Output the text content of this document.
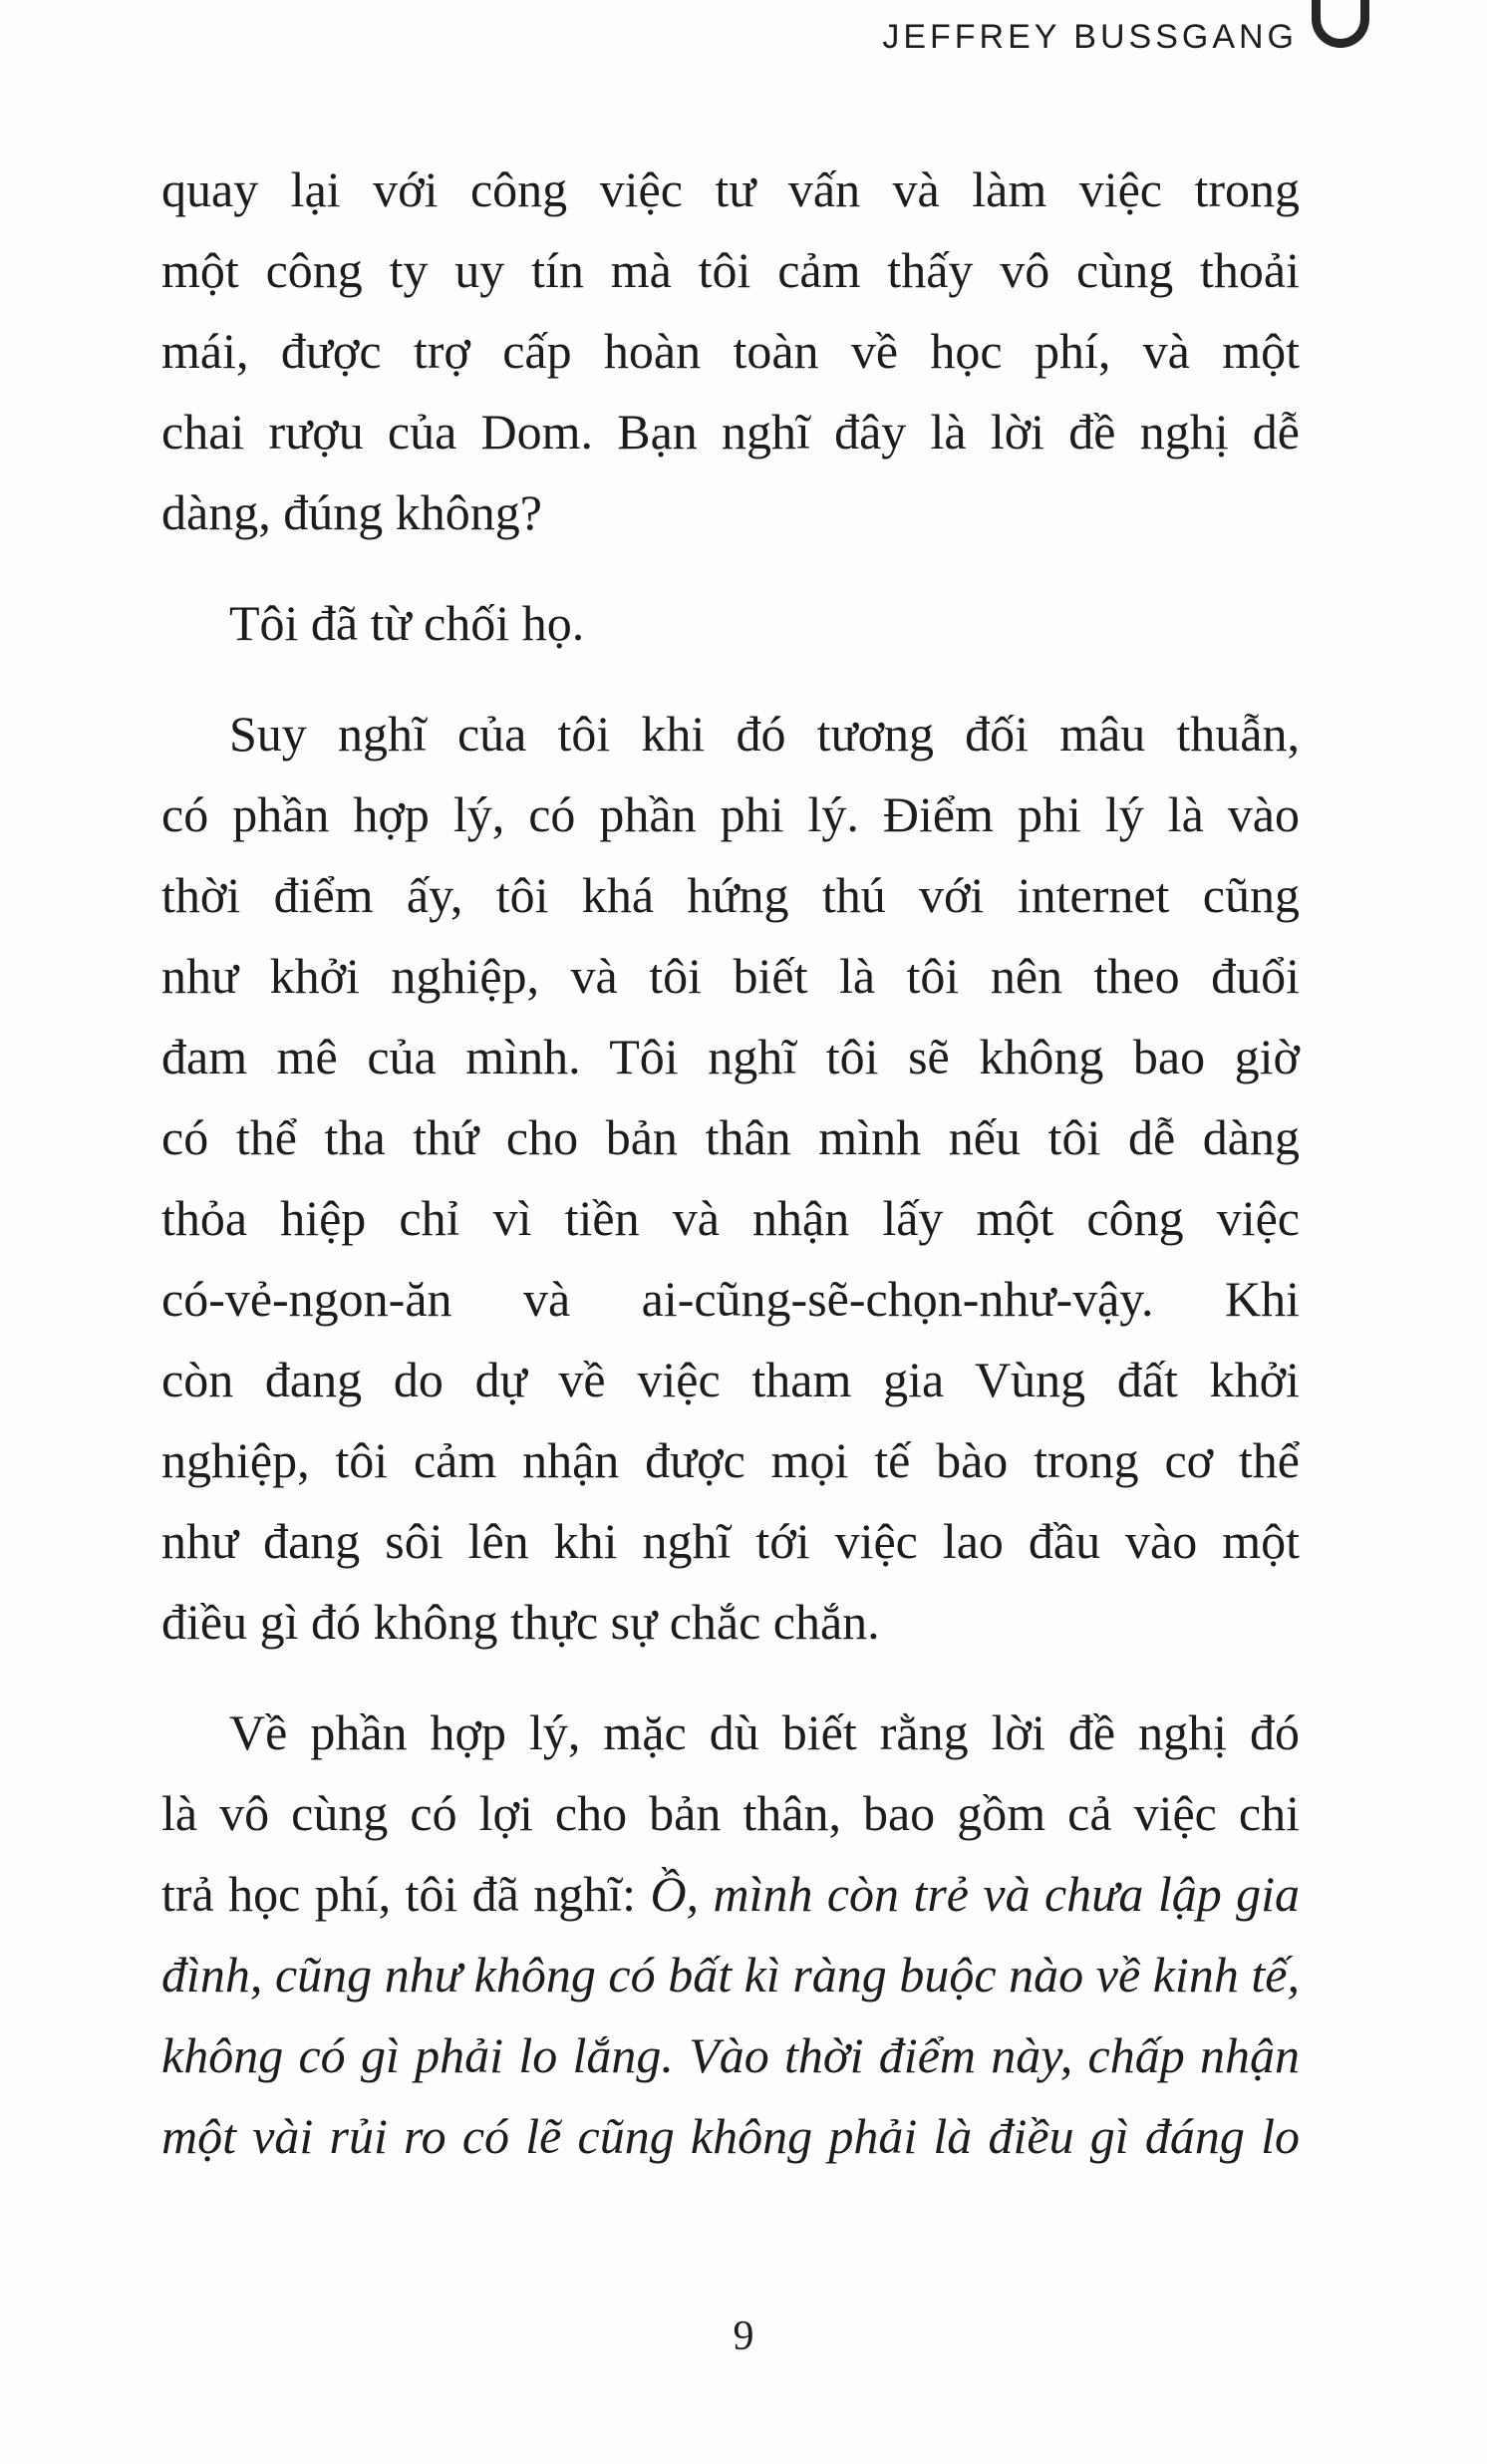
JEFFREY BUSSGANG

quay lại với công việc tư vấn và làm việc trong
một công ty uy tín mà tôi cảm thấy vô cùng thoải
mái, được trợ cấp hoàn toàn về học phí, và một
chai rượu của Dom. Bạn nghĩ đây là lời đề nghị dễ
dàng, đúng không?

Tôi đã từ chối họ.

Suy nghĩ của tôi khi đó tương đối mâu thuẫn,
có phần hợp lý, có phần phi lý. Điểm phi lý là vào
thời điểm ấy, tôi khá hứng thú với internet cũng
như khởi nghiệp, và tôi biết là tôi nên theo đuổi
đam mê của mình. Tôi nghĩ tôi sẽ không bao giờ
có thể tha thứ cho bản thân mình nếu tôi dễ dàng
thỏa hiệp chỉ vì tiền và nhận lấy một công việc
có-vẻ-ngon-ăn và ai-cũng-sẽ-chọn-như-vậy. Khi
còn đang do dự về việc tham gia Vùng đất khởi
nghiệp, tôi cảm nhận được mọi tế bào trong cơ thể
như đang sôi lên khi nghĩ tới việc lao đầu vào một
điều gì đó không thực sự chắc chắn.

Về phần hợp lý, mặc dù biết rằng lời đề nghị đó
là vô cùng có lợi cho bản thân, bao gồm cả việc chi
trả học phí, tôi đã nghĩ: Ồ, mình còn trẻ và chưa lập gia
đình, cũng như không có bất kì ràng buộc nào về kinh tế,
không có gì phải lo lắng. Vào thời điểm này, chấp nhận
một vài rủi ro có lẽ cũng không phải là điều gì đáng lo

9
